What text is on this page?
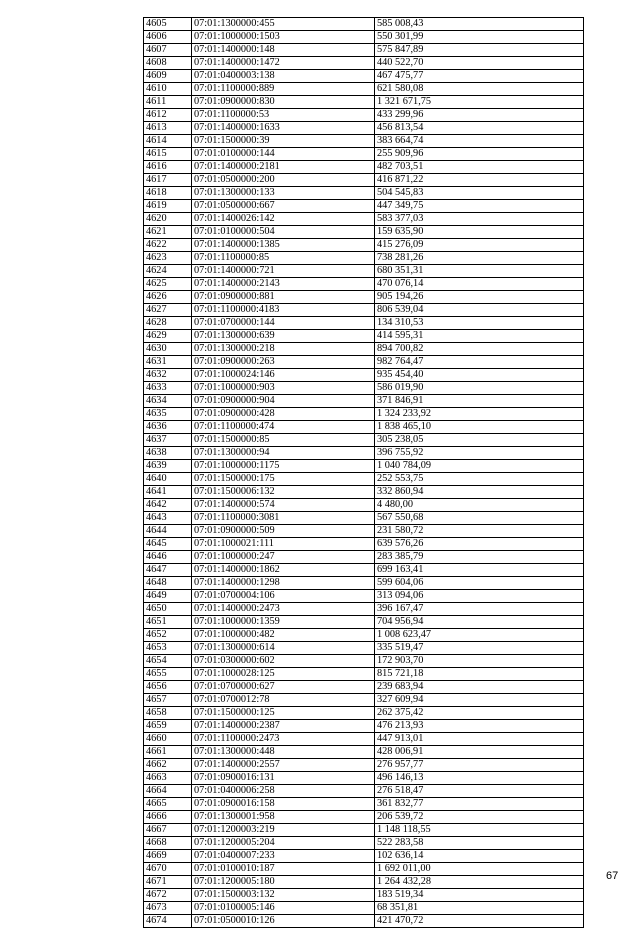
4605	07:01:1300000:455	585 008,43
4606	07:01:1000000:1503	550 301,99
4607	07:01:1400000:148	575 847,89
4608	07:01:1400000:1472	440 522,70
4609	07:01:0400003:138	467 475,77
4610	07:01:1100000:889	621 580,08
4611	07:01:0900000:830	1 321 671,75
4612	07:01:1100000:53	433 299,96
4613	07:01:1400000:1633	456 813,54
4614	07:01:1500000:39	383 664,74
4615	07:01:0100000:144	255 909,96
4616	07:01:1400000:2181	482 703,51
4617	07:01:0500000:200	416 871,22
4618	07:01:1300000:133	504 545,83
4619	07:01:0500000:667	447 349,75
4620	07:01:1400026:142	583 377,03
4621	07:01:0100000:504	159 635,90
4622	07:01:1400000:1385	415 276,09
4623	07:01:1100000:85	738 281,26
4624	07:01:1400000:721	680 351,31
4625	07:01:1400000:2143	470 076,14
4626	07:01:0900000:881	905 194,26
4627	07:01:1100000:4183	806 539,04
4628	07:01:0700000:144	134 310,53
4629	07:01:1300000:639	414 595,31
4630	07:01:1300000:218	894 700,82
4631	07:01:0900000:263	982 764,47
4632	07:01:1000024:146	935 454,40
4633	07:01:1000000:903	586 019,90
4634	07:01:0900000:904	371 846,91
4635	07:01:0900000:428	1 324 233,92
4636	07:01:1100000:474	1 838 465,10
4637	07:01:1500000:85	305 238,05
4638	07:01:1300000:94	396 755,92
4639	07:01:1000000:1175	1 040 784,09
4640	07:01:1500000:175	252 553,75
4641	07:01:1500006:132	332 860,94
4642	07:01:1400000:574	4 480,00
4643	07:01:1100000:3081	567 550,68
4644	07:01:0900000:509	231 580,72
4645	07:01:1000021:111	639 576,26
4646	07:01:1000000:247	283 385,79
4647	07:01:1400000:1862	699 163,41
4648	07:01:1400000:1298	599 604,06
4649	07:01:0700004:106	313 094,06
4650	07:01:1400000:2473	396 167,47
4651	07:01:1000000:1359	704 956,94
4652	07:01:1000000:482	1 008 623,47
4653	07:01:1300000:614	335 519,47
4654	07:01:0300000:602	172 903,70
4655	07:01:1000028:125	815 721,18
4656	07:01:0700000:627	239 683,94
4657	07:01:0700012:78	327 609,94
4658	07:01:1500000:125	262 375,42
4659	07:01:1400000:2387	476 213,93
4660	07:01:1100000:2473	447 913,01
4661	07:01:1300000:448	428 006,91
4662	07:01:1400000:2557	276 957,77
4663	07:01:0900016:131	496 146,13
4664	07:01:0400006:258	276 518,47
4665	07:01:0900016:158	361 832,77
4666	07:01:1300001:958	206 539,72
4667	07:01:1200003:219	1 148 118,55
4668	07:01:1200005:204	522 283,58
4669	07:01:0400007:233	102 636,14
4670	07:01:0100010:187	1 692 011,00
4671	07:01:1200005:180	1 264 432,28
4672	07:01:1500003:132	183 519,34
4673	07:01:0100005:146	68 351,81
4674	07:01:0500010:126	421 470,72
67
